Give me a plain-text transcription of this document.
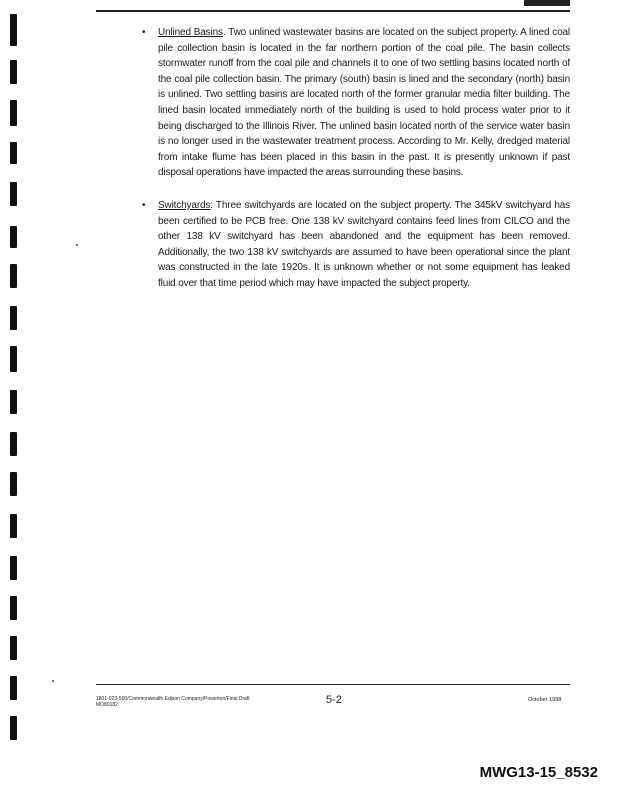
• Unlined Basins. Two unlined wastewater basins are located on the subject property. A lined coal pile collection basin is located in the far northern portion of the coal pile. The basin collects stormwater runoff from the coal pile and channels it to one of two settling basins located north of the coal pile collection basin. The primary (south) basin is lined and the secondary (north) basin is unlined. Two settling basins are located north of the former granular media filter building. The lined basin located immediately north of the building is used to hold process water prior to it being discharged to the Illinois River. The unlined basin located north of the service water basin is no longer used in the wastewater treatment process. According to Mr. Kelly, dredged material from intake flume has been placed in this basin in the past. It is presently unknown if past disposal operations have impacted the areas surrounding these basins.
• Switchyards: Three switchyards are located on the subject property. The 345kV switchyard has been certified to be PCB free. One 138 kV switchyard contains feed lines from CILCO and the other 138 kV switchyard has been abandoned and the equipment has been removed. Additionally, the two 138 kV switchyards are assumed to have been operational since the plant was constructed in the late 1920s. It is unknown whether or not some equipment has leaked fluid over that time period which may have impacted the subject property.
1801-023-500/Commonwealth Edison Company/Powerton/Final Draft
MO80182	5-2	October 1998
MWG13-15_8532
